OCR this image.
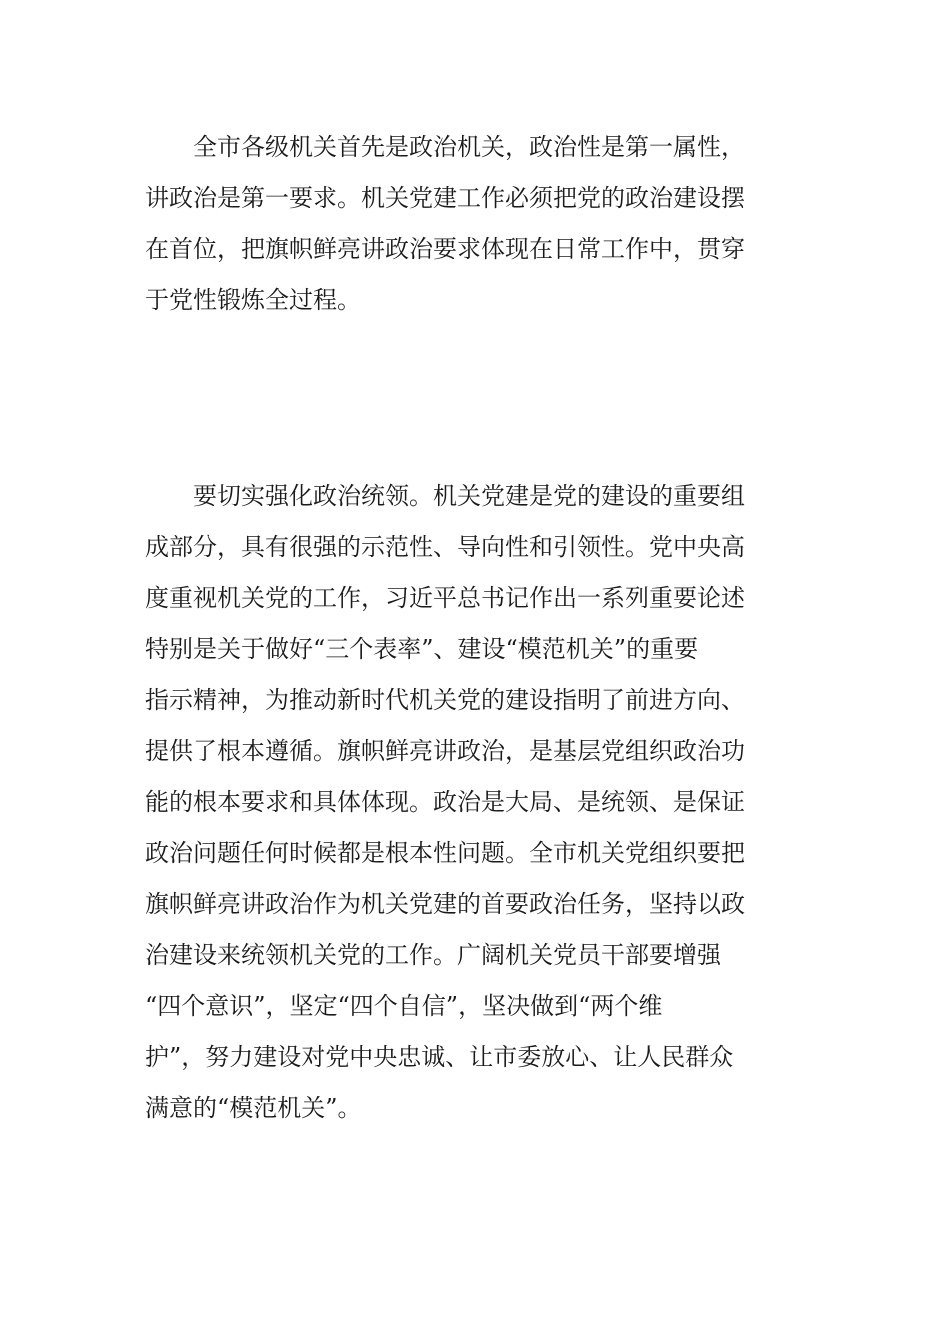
全市各级机关首先是政治机关，政治性是第一属性，
讲政治是第一要求。机关党建工作必须把党的政治建设摆
在首位，把旗帜鲜亮讲政治要求体现在日常工作中，贯穿
于党性锻炼全过程。
要切实强化政治统领。机关党建是党的建设的重要组
成部分，具有很强的示范性、导向性和引领性。党中央高
度重视机关党的工作，习近平总书记作出一系列重要论述
特别是关于做好“三个表率”、建设“模范机关”的重要
指示精神，为推动新时代机关党的建设指明了前进方向、
提供了根本遵循。旗帜鲜亮讲政治，是基层党组织政治功
能的根本要求和具体体现。政治是大局、是统领、是保证
政治问题任何时候都是根本性问题。全市机关党组织要把
旗帜鲜亮讲政治作为机关党建的首要政治任务，坚持以政
治建设来统领机关党的工作。广阔机关党员干部要增强
“四个意识”，坚定“四个自信”，坚决做到“两个维
护”，努力建设对党中央忠诚、让市委放心、让人民群众
满意的“模范机关”。
